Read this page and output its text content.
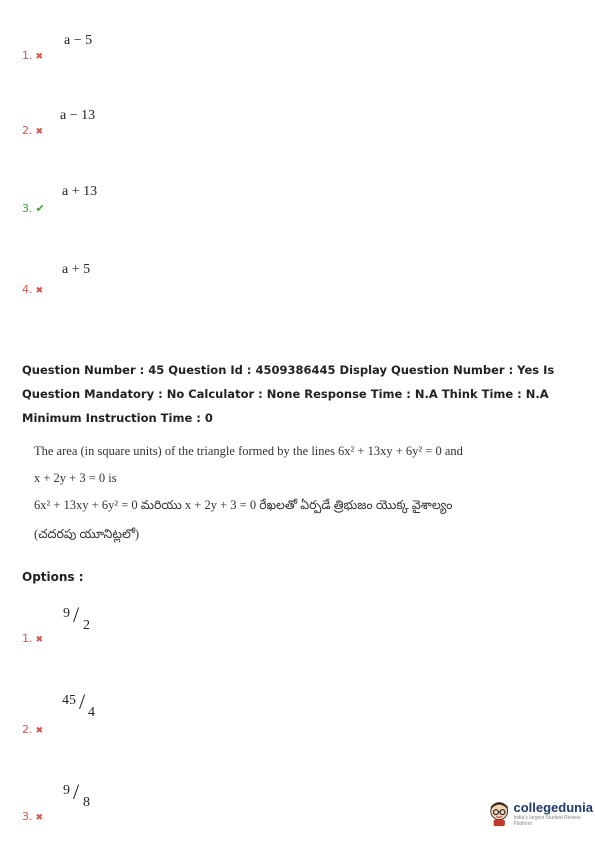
a − 5
1. ✖
a − 13
2. ✖
a + 13
3. ✔
a + 5
4. ✖
Question Number : 45 Question Id : 4509386445 Display Question Number : Yes Is Question Mandatory : No Calculator : None Response Time : N.A Think Time : N.A Minimum Instruction Time : 0
The area (in square units) of the triangle formed by the lines 6x² + 13xy + 6y² = 0 and
x + 2y + 3 = 0 is
6x² + 13xy + 6y² = 0 మరియు x + 2y + 3 = 0 రేఖలతో ఏర్పడే త్రిభుజం యొక్క వైశాల్యం
(చదరపు యూనిట్లలో)
Options :
9 / 2
1. ✖
45 / 4
2. ✖
9 / 8
3. ✖
collegedunia
India's largest Student Review Platform
